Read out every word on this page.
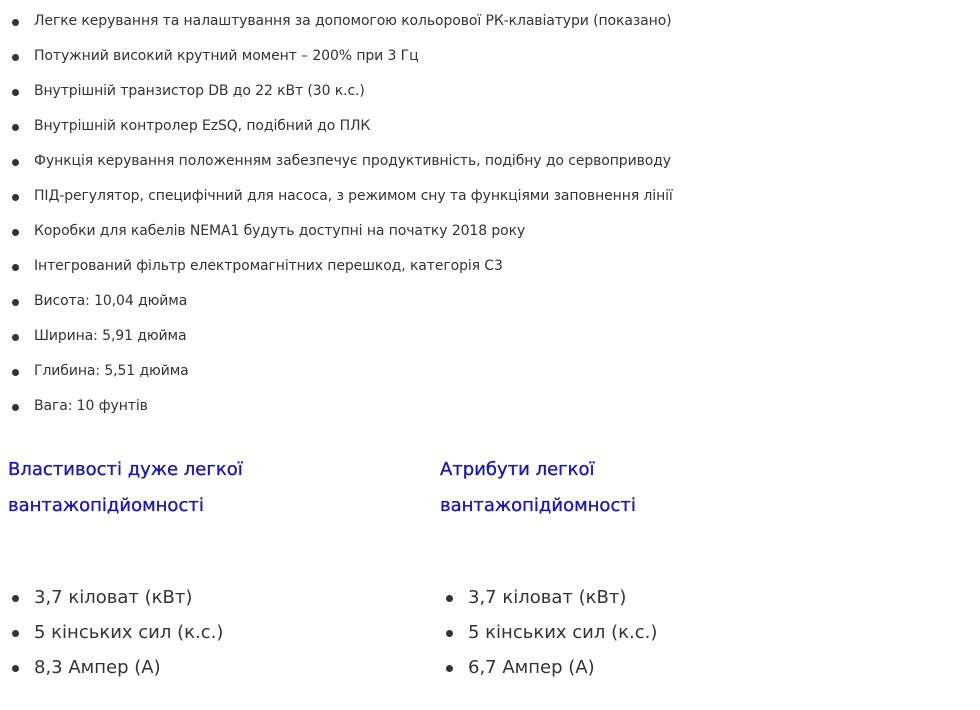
Легке керування та налаштування за допомогою кольорової РК-клавіатури (показано)
Потужний високий крутний момент – 200% при 3 Гц
Внутрішній транзистор DB до 22 кВт (30 к.с.)
Внутрішній контролер EzSQ, подібний до ПЛК
Функція керування положенням забезпечує продуктивність, подібну до сервоприводу
ПІД-регулятор, специфічний для насоса, з режимом сну та функціями заповнення лінії
Коробки для кабелів NEMA1 будуть доступні на початку 2018 року
Інтегрований фільтр електромагнітних перешкод, категорія C3
Висота: 10,04 дюйма
Ширина: 5,91 дюйма
Глибина: 5,51 дюйма
Вага: 10 фунтів
Властивості дуже легкої
вантажопідйомності
3,7 кіловат (кВт)
5 кінських сил (к.с.)
8,3 Ампер (A)
Атрибути легкої
вантажопідйомності
3,7 кіловат (кВт)
5 кінських сил (к.с.)
6,7 Ампер (A)
